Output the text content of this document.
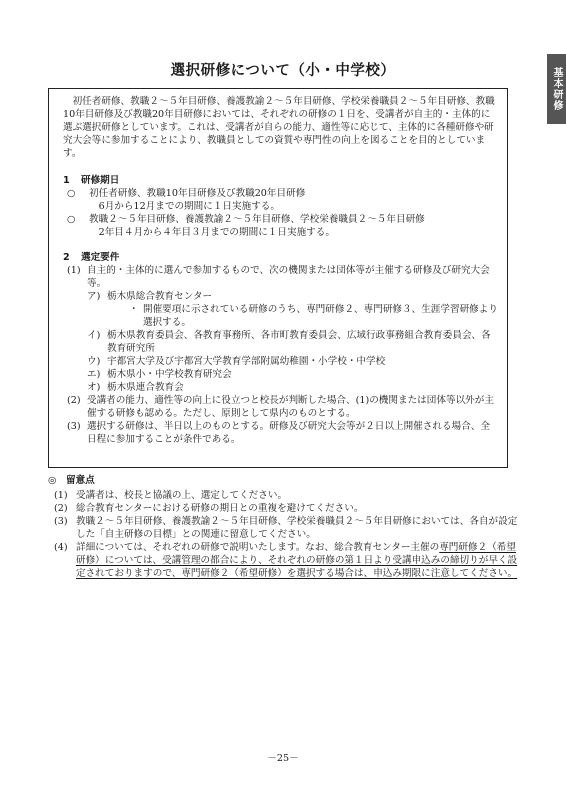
基本研修
選択研修について（小・中学校）

初任者研修、教職２～５年目研修、養護教諭２～５年目研修、学校栄養職員２～５年目研修、教職10年目研修及び教職20年目研修においては、それぞれの研修の１日を、受講者が自主的・主体的に選ぶ選択研修としています。これは、受講者が自らの能力、適性等に応じて、主体的に各種研修や研究大会等に参加することにより、教職員としての資質や専門性の向上を図ることを目的としています。

1 研修期日

○	初任者研修、教職10年目研修及び教職20年目研修
6月から12月までの期間に１日実施する。
○	教職２～５年目研修、養護教諭２～５年目研修、学校栄養職員２～５年目研修
2年目４月から４年目３月までの期間に１日実施する。

2 選定要件

(1) 自主的・主体的に選んで参加するもので、次の機関または団体等が主催する研修及び研究大会等。
ア) 栃木県総合教育センター
・ 開催要項に示されている研修のうち、専門研修２、専門研修３、生涯学習研修より選択する。
イ) 栃木県教育委員会、各教育事務所、各市町教育委員会、広域行政事務組合教育委員会、各教育研究所
ウ) 宇都宮大学及び宇都宮大学教育学部附属幼稚園・小学校・中学校
エ) 栃木県小・中学校教育研究会
オ) 栃木県連合教育会
(2) 受講者の能力、適性等の向上に役立つと校長が判断した場合、(1)の機関または団体等以外が主催する研修も認める。ただし、原則として県内のものとする。
(3) 選択する研修は、半日以上のものとする。研修及び研究大会等が２日以上開催される場合、全日程に参加することが条件である。

◎ 留意点

(1) 受講者は、校長と協議の上、選定してください。
(2) 総合教育センターにおける研修の期日との重複を避けてください。
(3) 教職２～５年目研修、養護教諭２～５年目研修、学校栄養職員２～５年目研修においては、各自が設定した「自主研修の目標」との関連に留意してください。
(4) 詳細については、それぞれの研修で説明いたします。なお、総合教育センター主催の専門研修２（希望研修）については、受講管理の都合により、それぞれの研修の第１日より受講申込みの締切りが早く設定されておりますので、専門研修２（希望研修）を選択する場合は、申込み期限に注意してください。
－25－
